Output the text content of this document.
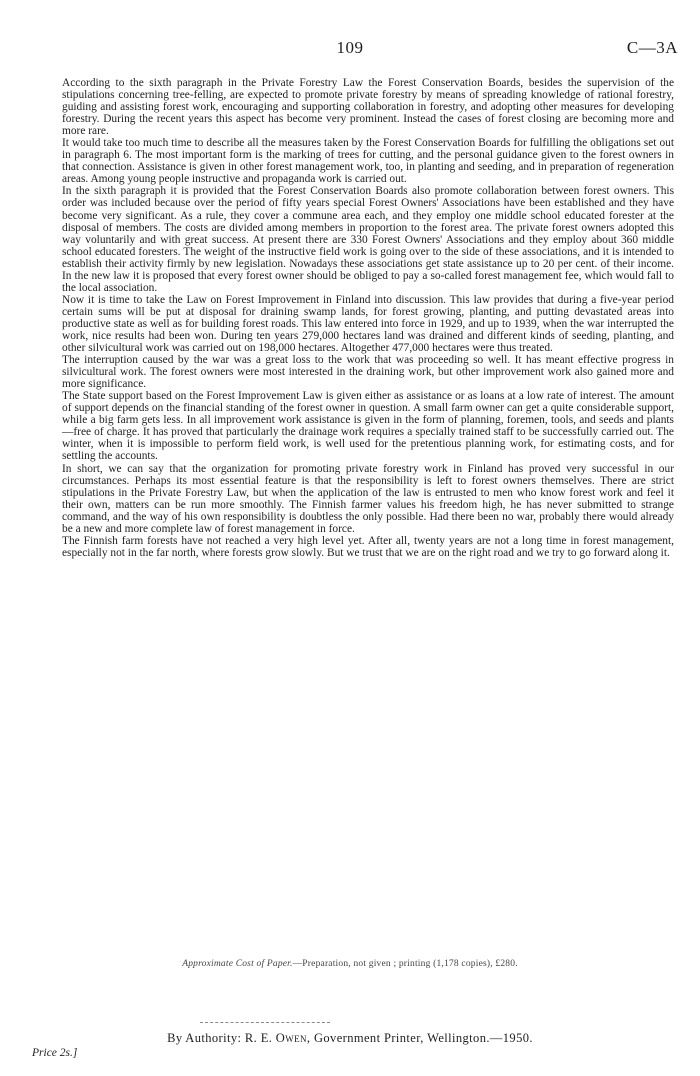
109	C—3A

According to the sixth paragraph in the Private Forestry Law the Forest Conservation Boards, besides the supervision of the stipulations concerning tree-felling, are expected to promote private forestry by means of spreading knowledge of rational forestry, guiding and assisting forest work, encouraging and supporting collaboration in forestry, and adopting other measures for developing forestry. During the recent years this aspect has become very prominent. Instead the cases of forest closing are becoming more and more rare.

It would take too much time to describe all the measures taken by the Forest Conservation Boards for fulfilling the obligations set out in paragraph 6. The most important form is the marking of trees for cutting, and the personal guidance given to the forest owners in that connection. Assistance is given in other forest management work, too, in planting and seeding, and in preparation of regeneration areas. Among young people instructive and propaganda work is carried out.

In the sixth paragraph it is provided that the Forest Conservation Boards also promote collaboration between forest owners. This order was included because over the period of fifty years special Forest Owners' Associations have been established and they have become very significant. As a rule, they cover a commune area each, and they employ one middle school educated forester at the disposal of members. The costs are divided among members in proportion to the forest area. The private forest owners adopted this way voluntarily and with great success. At present there are 330 Forest Owners' Associations and they employ about 360 middle school educated foresters. The weight of the instructive field work is going over to the side of these associations, and it is intended to establish their activity firmly by new legislation. Nowadays these associations get state assistance up to 20 per cent. of their income. In the new law it is proposed that every forest owner should be obliged to pay a so-called forest management fee, which would fall to the local association.

Now it is time to take the Law on Forest Improvement in Finland into discussion. This law provides that during a five-year period certain sums will be put at disposal for draining swamp lands, for forest growing, planting, and putting devastated areas into productive state as well as for building forest roads. This law entered into force in 1929, and up to 1939, when the war interrupted the work, nice results had been won. During ten years 279,000 hectares land was drained and different kinds of seeding, planting, and other silvicultural work was carried out on 198,000 hectares. Altogether 477,000 hectares were thus treated.

The interruption caused by the war was a great loss to the work that was proceeding so well. It has meant effective progress in silvicultural work. The forest owners were most interested in the draining work, but other improvement work also gained more and more significance.

The State support based on the Forest Improvement Law is given either as assistance or as loans at a low rate of interest. The amount of support depends on the financial standing of the forest owner in question. A small farm owner can get a quite considerable support, while a big farm gets less. In all improvement work assistance is given in the form of planning, foremen, tools, and seeds and plants—free of charge. It has proved that particularly the drainage work requires a specially trained staff to be successfully carried out. The winter, when it is impossible to perform field work, is well used for the pretentious planning work, for estimating costs, and for settling the accounts.

In short, we can say that the organization for promoting private forestry work in Finland has proved very successful in our circumstances. Perhaps its most essential feature is that the responsibility is left to forest owners themselves. There are strict stipulations in the Private Forestry Law, but when the application of the law is entrusted to men who know forest work and feel it their own, matters can be run more smoothly. The Finnish farmer values his freedom high, he has never submitted to strange command, and the way of his own responsibility is doubtless the only possible. Had there been no war, probably there would already be a new and more complete law of forest management in force.

The Finnish farm forests have not reached a very high level yet. After all, twenty years are not a long time in forest management, especially not in the far north, where forests grow slowly. But we trust that we are on the right road and we try to go forward along it.

Approximate Cost of Paper.—Preparation, not given ; printing (1,178 copies), £280.
By Authority: R. E. Owen, Government Printer, Wellington.—1950.
Price 2s.]
